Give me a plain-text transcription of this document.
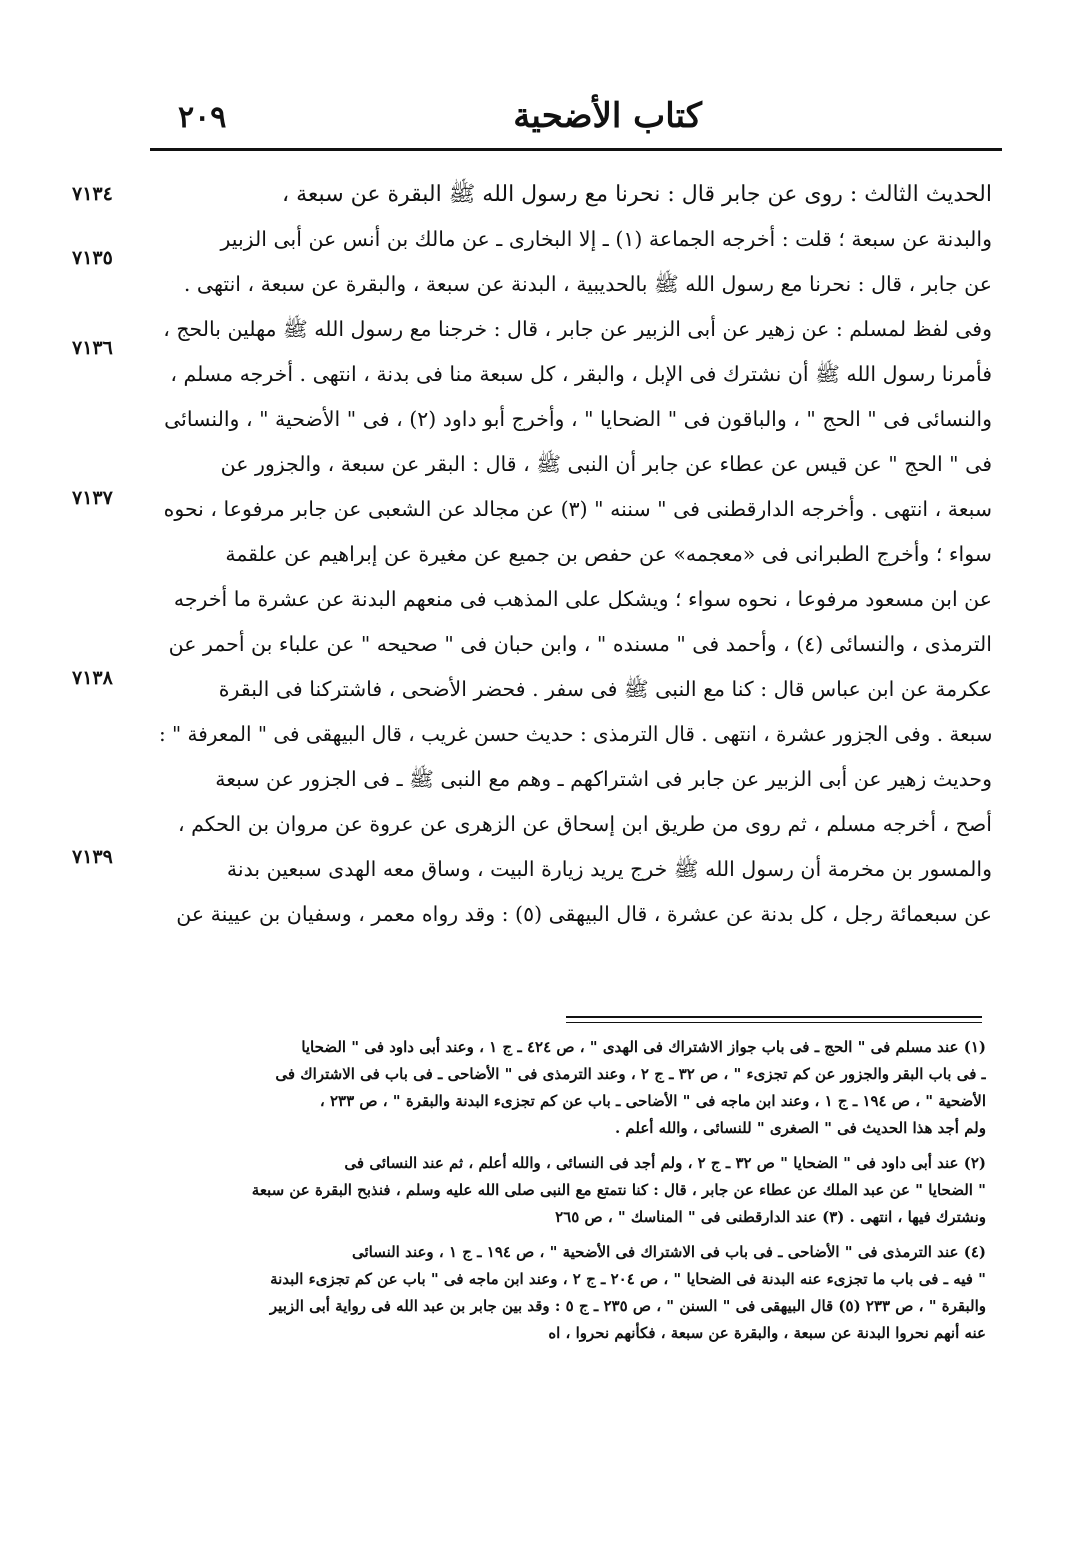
كتاب الأضحية
٢٠٩
٧١٣٤
٧١٣٥
٧١٣٦
٧١٣٧
٧١٣٨
٧١٣٩
الحديث الثالث : روى عن جابر قال : نحرنا مع رسول الله ﷺ البقرة عن سبعة ،
والبدنة عن سبعة ؛ قلت : أخرجه الجماعة (١) ـ إلا البخارى ـ عن مالك بن أنس عن أبى الزبير
عن جابر ، قال : نحرنا مع رسول الله ﷺ بالحديبية ، البدنة عن سبعة ، والبقرة عن سبعة ، انتهى .
وفى لفظ لمسلم : عن زهير عن أبى الزبير عن جابر ، قال : خرجنا مع رسول الله ﷺ مهلين بالحج ،
فأمرنا رسول الله ﷺ أن نشترك فى الإبل ، والبقر ، كل سبعة منا فى بدنة ، انتهى . أخرجه مسلم ،
والنسائى فى " الحج " ، والباقون فى " الضحايا " ، وأخرج أبو داود (٢) ، فى " الأضحية " ، والنسائى
فى " الحج " عن قيس عن عطاء عن جابر أن النبى ﷺ ، قال : البقر عن سبعة ، والجزور عن
سبعة ، انتهى . وأخرجه الدارقطنى فى " سننه " (٣) عن مجالد عن الشعبى عن جابر مرفوعا ، نحوه
سواء ؛ وأخرج الطبرانى فى «معجمه» عن حفص بن جميع عن مغيرة عن إبراهيم عن علقمة
عن ابن مسعود مرفوعا ، نحوه سواء ؛ ويشكل على المذهب فى منعهم البدنة عن عشرة ما أخرجه
الترمذى ، والنسائى (٤) ، وأحمد فى " مسنده " ، وابن حبان فى " صحيحه " عن علباء بن أحمر عن
عكرمة عن ابن عباس قال : كنا مع النبى ﷺ فى سفر . فحضر الأضحى ، فاشتركنا فى البقرة
سبعة . وفى الجزور عشرة ، انتهى . قال الترمذى : حديث حسن غريب ، قال البيهقى فى " المعرفة " :
وحديث زهير عن أبى الزبير عن جابر فى اشتراكهم ـ وهم مع النبى ﷺ ـ فى الجزور عن سبعة
أصح ، أخرجه مسلم ، ثم روى من طريق ابن إسحاق عن الزهرى عن عروة عن مروان بن الحكم ،
والمسور بن مخرمة أن رسول الله ﷺ خرج يريد زيارة البيت ، وساق معه الهدى سبعين بدنة
عن سبعمائة رجل ، كل بدنة عن عشرة ، قال البيهقى (٥) : وقد رواه معمر ، وسفيان بن عيينة عن
(١) عند مسلم فى " الحج ـ فى باب جواز الاشتراك فى الهدى " ، ص ٤٢٤ ـ ج ١ ، وعند أبى داود فى " الضحايا
ـ فى باب البقر والجزور عن كم تجزىء " ، ص ٣٢ ـ ج ٢ ، وعند الترمذى فى " الأضاحى ـ فى باب فى الاشتراك فى
الأضحية " ، ص ١٩٤ ـ ج ١ ، وعند ابن ماجه فى " الأضاحى ـ باب عن كم تجزىء البدنة والبقرة " ، ص ٢٣٣ ،
ولم أجد هذا الحديث فى " الصغرى " للنسائى ، والله أعلم .
(٢) عند أبى داود فى " الضحايا " ص ٣٢ ـ ج ٢ ، ولم أجد فى النسائى ، والله أعلم ، ثم عند النسائى فى
" الضحايا " عن عبد الملك عن عطاء عن جابر ، قال : كنا نتمتع مع النبى صلى الله عليه وسلم ، فنذبح البقرة عن سبعة
ونشترك فيها ، انتهى . (٣) عند الدارقطنى فى " المناسك " ، ص ٢٦٥
(٤) عند الترمذى فى " الأضاحى ـ فى باب فى الاشتراك فى الأضحية " ، ص ١٩٤ ـ ج ١ ، وعند النسائى
" فيه ـ فى باب ما تجزىء عنه البدنة فى الضحايا " ، ص ٢٠٤ ـ ج ٢ ، وعند ابن ماجه فى " باب عن كم تجزىء البدنة
والبقرة " ، ص ٢٣٣ (٥) قال البيهقى فى " السنن " ، ص ٢٣٥ ـ ج ٥ : وقد بين جابر بن عبد الله فى رواية أبى الزبير
عنه أنهم نحروا البدنة عن سبعة ، والبقرة عن سبعة ، فكأنهم نحروا ، اه
